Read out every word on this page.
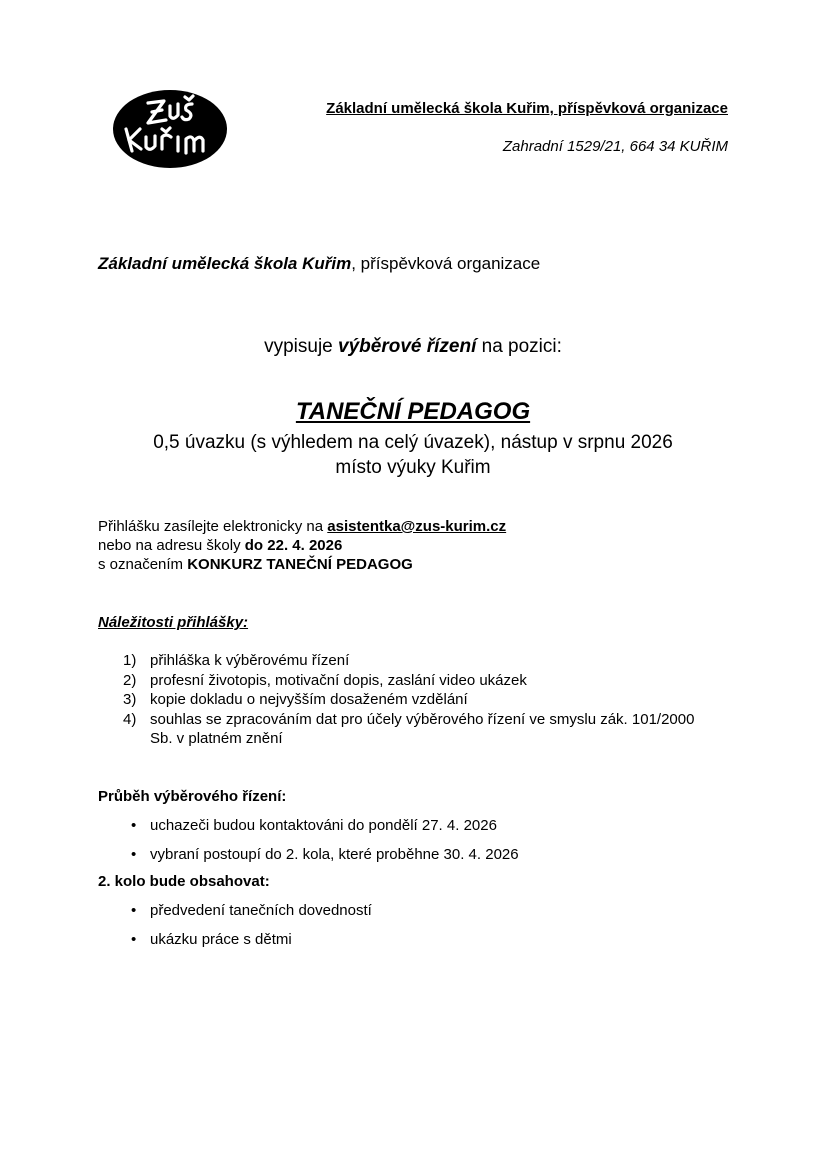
Základní umělecká škola Kuřim, příspěvková organizace
Zahradní 1529/21, 664 34 KUŘIM
Základní umělecká škola Kuřim, příspěvková organizace
vypisuje výběrové řízení na pozici:
TANEČNÍ PEDAGOG
0,5 úvazku (s výhledem na celý úvazek), nástup v srpnu 2026
místo výuky Kuřim
Přihlášku zasílejte elektronicky na asistentka@zus-kurim.cz
nebo na adresu školy do 22. 4. 2026
s označením KONKURZ TANEČNÍ PEDAGOG
Náležitosti přihlášky:
1) přihláška k výběrovému řízení
2) profesní životopis, motivační dopis, zaslání video ukázek
3) kopie dokladu o nejvyšším dosaženém vzdělání
4) souhlas se zpracováním dat pro účely výběrového řízení ve smyslu zák. 101/2000 Sb. v platném znění
Průběh výběrového řízení:
• uchazeči budou kontaktováni do pondělí 27. 4. 2026
• vybraní postoupí do 2. kola, které proběhne 30. 4. 2026
2. kolo bude obsahovat:
• předvedení tanečních dovedností
• ukázku práce s dětmi
